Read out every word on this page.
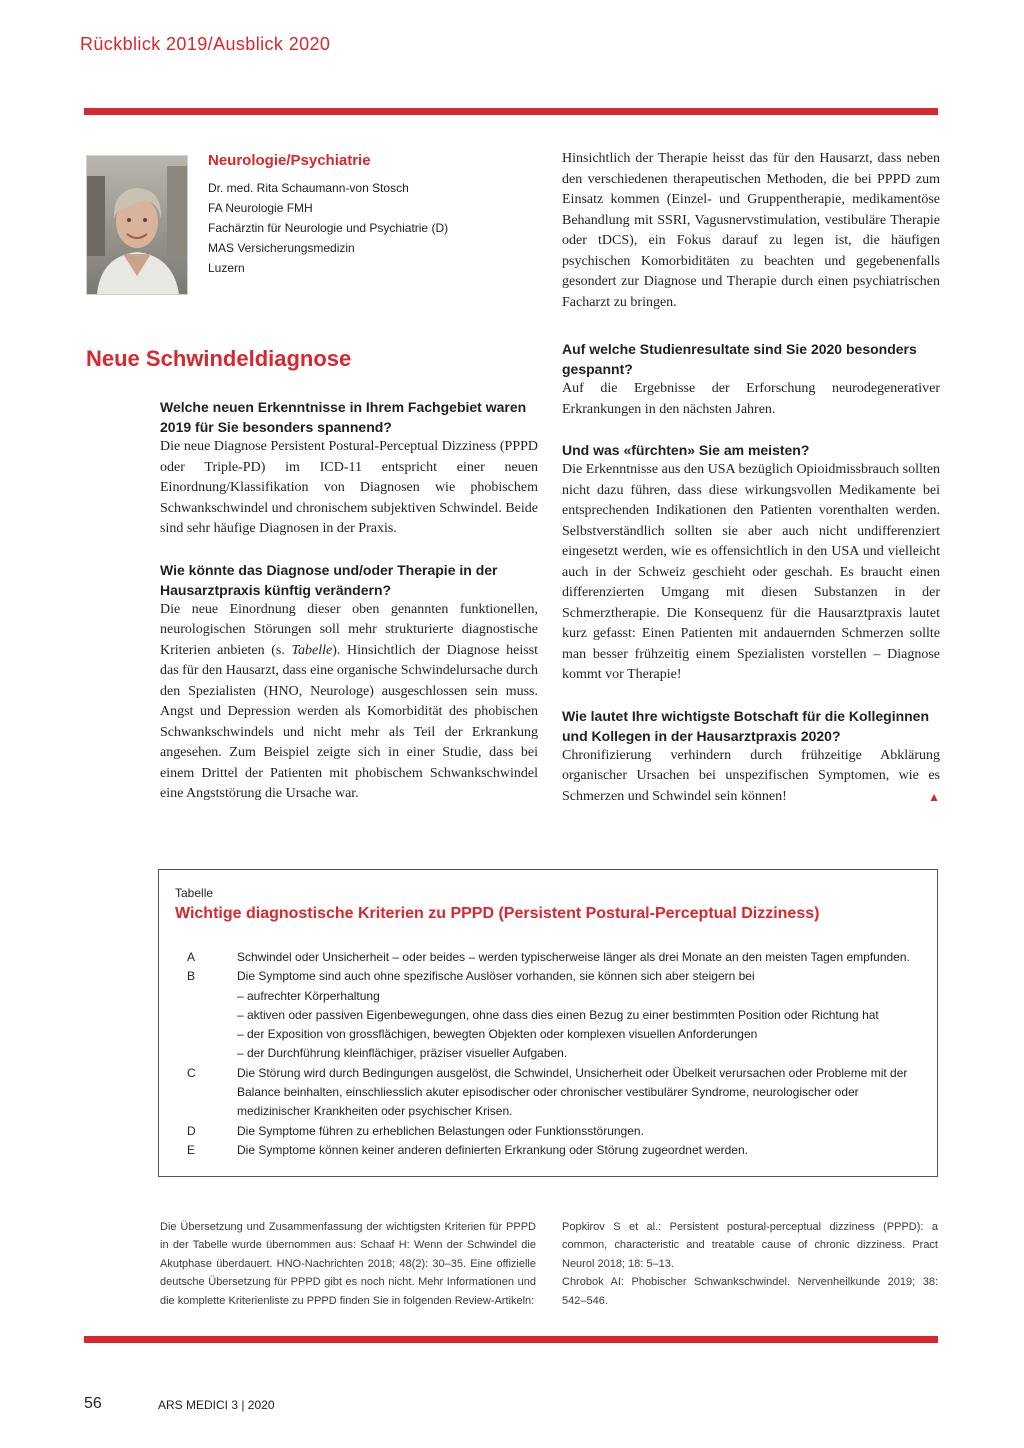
Rückblick 2019/Ausblick 2020
Neurologie/Psychiatrie
Dr. med. Rita Schaumann-von Stosch
FA Neurologie FMH
Fachärztin für Neurologie und Psychiatrie (D)
MAS Versicherungsmedizin
Luzern
Neue Schwindeldiagnose

Welche neuen Erkenntnisse in Ihrem Fachgebiet waren 2019 für Sie besonders spannend?

Die neue Diagnose Persistent Postural-Perceptual Dizziness (PPPD oder Triple-PD) im ICD-11 entspricht einer neuen Einordnung/Klassifikation von Diagnosen wie phobischem Schwankschwindel und chronischem subjektiven Schwindel. Beide sind sehr häufige Diagnosen in der Praxis.

Wie könnte das Diagnose und/oder Therapie in der Hausarztpraxis künftig verändern?

Die neue Einordnung dieser oben genannten funktionellen, neurologischen Störungen soll mehr strukturierte diagnostische Kriterien anbieten (s. Tabelle). Hinsichtlich der Diagnose heisst das für den Hausarzt, dass eine organische Schwindelursache durch den Spezialisten (HNO, Neurologe) ausgeschlossen sein muss. Angst und Depression werden als Komorbidität des phobischen Schwankschwindels und nicht mehr als Teil der Erkrankung angesehen. Zum Beispiel zeigte sich in einer Studie, dass bei einem Drittel der Patienten mit phobischem Schwankschwindel eine Angststörung die Ursache war.

Hinsichtlich der Therapie heisst das für den Hausarzt, dass neben den verschiedenen therapeutischen Methoden, die bei PPPD zum Einsatz kommen (Einzel- und Gruppentherapie, medikamentöse Behandlung mit SSRI, Vagusnervstimulation, vestibuläre Therapie oder tDCS), ein Fokus darauf zu legen ist, die häufigen psychischen Komorbiditäten zu beachten und gegebenenfalls gesondert zur Diagnose und Therapie durch einen psychiatrischen Facharzt zu bringen.

Auf welche Studienresultate sind Sie 2020 besonders gespannt?

Auf die Ergebnisse der Erforschung neurodegenerativer Erkrankungen in den nächsten Jahren.

Und was «fürchten» Sie am meisten?

Die Erkenntnisse aus den USA bezüglich Opioidmissbrauch sollten nicht dazu führen, dass diese wirkungsvollen Medikamente bei entsprechenden Indikationen den Patienten vorenthalten werden. Selbstverständlich sollten sie aber auch nicht undifferenziert eingesetzt werden, wie es offensichtlich in den USA und vielleicht auch in der Schweiz geschieht oder geschah. Es braucht einen differenzierten Umgang mit diesen Substanzen in der Schmerztherapie. Die Konsequenz für die Hausarztpraxis lautet kurz gefasst: Einen Patienten mit andauernden Schmerzen sollte man besser frühzeitig einem Spezialisten vorstellen – Diagnose kommt vor Therapie!

Wie lautet Ihre wichtigste Botschaft für die Kolleginnen und Kollegen in der Hausarztpraxis 2020?

Chronifizierung verhindern durch frühzeitige Abklärung organischer Ursachen bei unspezifischen Symptomen, wie es Schmerzen und Schwindel sein können!	▲

Tabelle
Wichtige diagnostische Kriterien zu PPPD (Persistent Postural-Perceptual Dizziness)
A	Schwindel oder Unsicherheit – oder beides – werden typischerweise länger als drei Monate an den meisten Tagen empfunden.
B	Die Symptome sind auch ohne spezifische Auslöser vorhanden, sie können sich aber steigern bei
– aufrechter Körperhaltung
– aktiven oder passiven Eigenbewegungen, ohne dass dies einen Bezug zu einer bestimmten Position oder Richtung hat
– der Exposition von grossflächigen, bewegten Objekten oder komplexen visuellen Anforderungen
– der Durchführung kleinflächiger, präziser visueller Aufgaben.
C	Die Störung wird durch Bedingungen ausgelöst, die Schwindel, Unsicherheit oder Übelkeit verursachen oder Probleme mit der Balance beinhalten, einschliesslich akuter episodischer oder chronischer vestibulärer Syndrome, neurologischer oder medizinischer Krankheiten oder psychischer Krisen.
D	Die Symptome führen zu erheblichen Belastungen oder Funktionsstörungen.
E	Die Symptome können keiner anderen definierten Erkrankung oder Störung zugeordnet werden.
Die Übersetzung und Zusammenfassung der wichtigsten Kriterien für PPPD in der Tabelle wurde übernommen aus: Schaaf H: Wenn der Schwindel die Akutphase überdauert. HNO-Nachrichten 2018; 48(2): 30–35. Eine offizielle deutsche Übersetzung für PPPD gibt es noch nicht. Mehr Informationen und die komplette Kriterienliste zu PPPD finden Sie in folgenden Review-Artikeln:
Popkirov S et al.: Persistent postural-perceptual dizziness (PPPD): a common, characteristic and treatable cause of chronic dizziness. Pract Neurol 2018; 18: 5–13.
Chrobok AI: Phobischer Schwankschwindel. Nervenheilkunde 2019; 38: 542–546.
56	ARS MEDICI 3 | 2020
